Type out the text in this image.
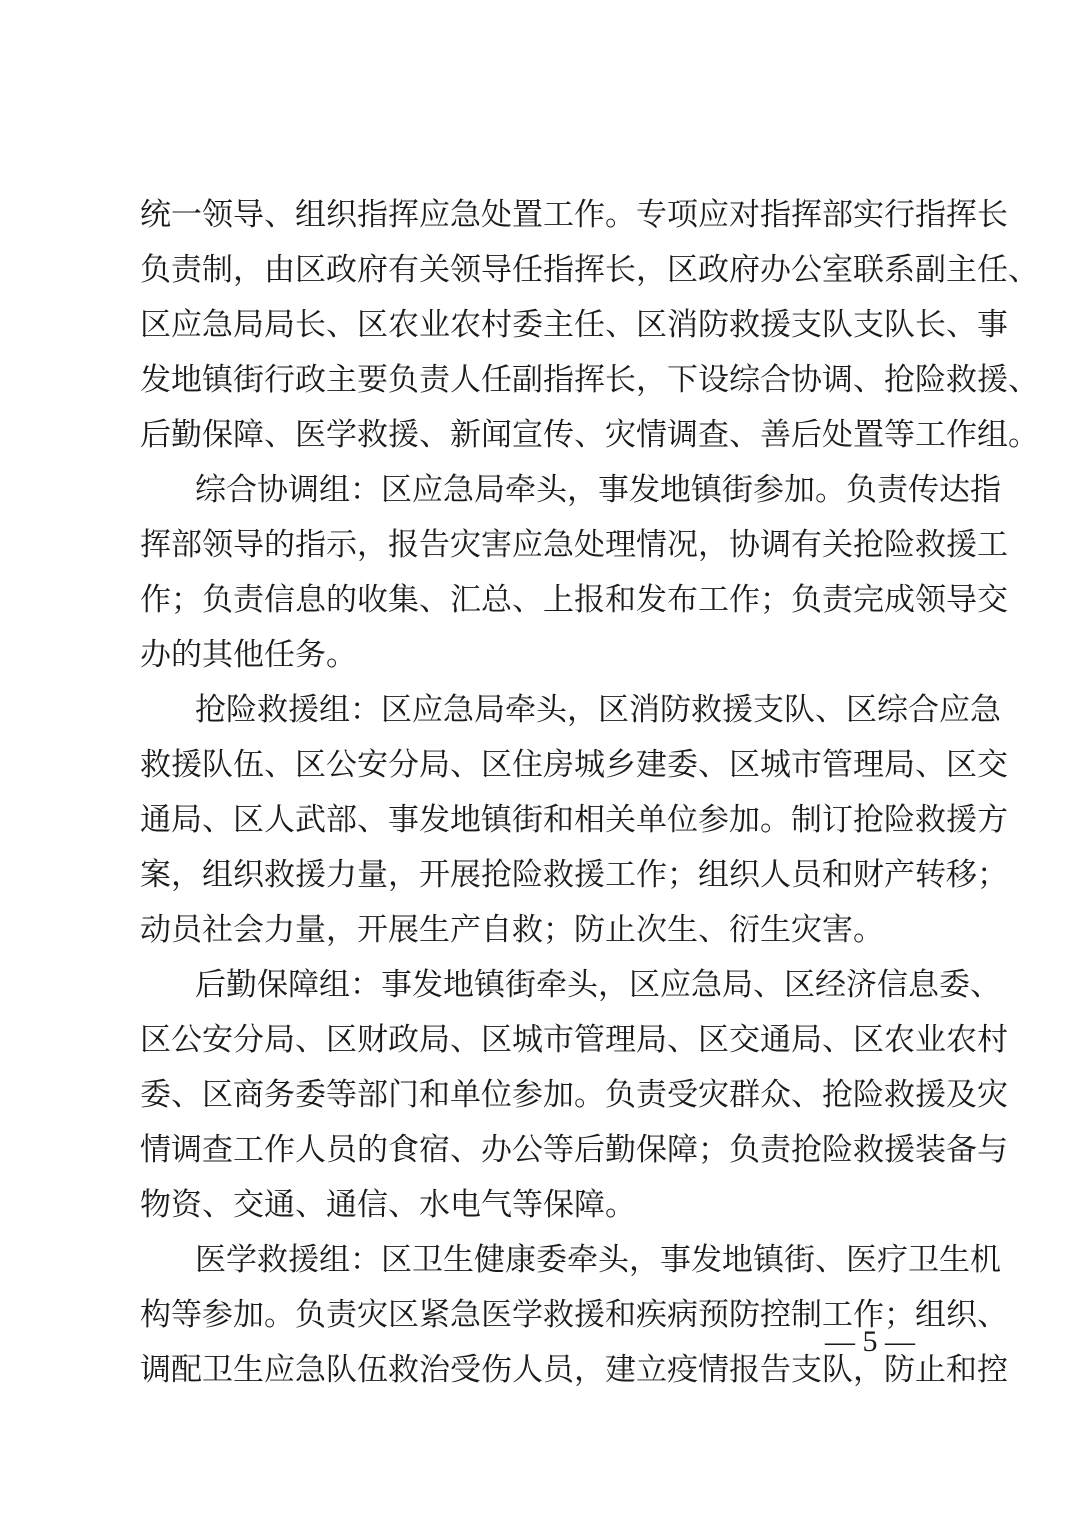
统一领导、组织指挥应急处置工作。专项应对指挥部实行指挥长
负责制，由区政府有关领导任指挥长，区政府办公室联系副主任、
区应急局局长、区农业农村委主任、区消防救援支队支队长、事
发地镇街行政主要负责人任副指挥长，下设综合协调、抢险救援、
后勤保障、医学救援、新闻宣传、灾情调查、善后处置等工作组。
综合协调组：区应急局牵头，事发地镇街参加。负责传达指
挥部领导的指示，报告灾害应急处理情况，协调有关抢险救援工
作；负责信息的收集、汇总、上报和发布工作；负责完成领导交
办的其他任务。
抢险救援组：区应急局牵头，区消防救援支队、区综合应急
救援队伍、区公安分局、区住房城乡建委、区城市管理局、区交
通局、区人武部、事发地镇街和相关单位参加。制订抢险救援方
案，组织救援力量，开展抢险救援工作；组织人员和财产转移；
动员社会力量，开展生产自救；防止次生、衍生灾害。
后勤保障组：事发地镇街牵头，区应急局、区经济信息委、
区公安分局、区财政局、区城市管理局、区交通局、区农业农村
委、区商务委等部门和单位参加。负责受灾群众、抢险救援及灾
情调查工作人员的食宿、办公等后勤保障；负责抢险救援装备与
物资、交通、通信、水电气等保障。
医学救援组：区卫生健康委牵头，事发地镇街、医疗卫生机
构等参加。负责灾区紧急医学救援和疾病预防控制工作；组织、
调配卫生应急队伍救治受伤人员，建立疫情报告支队，防止和控
— 5 —
